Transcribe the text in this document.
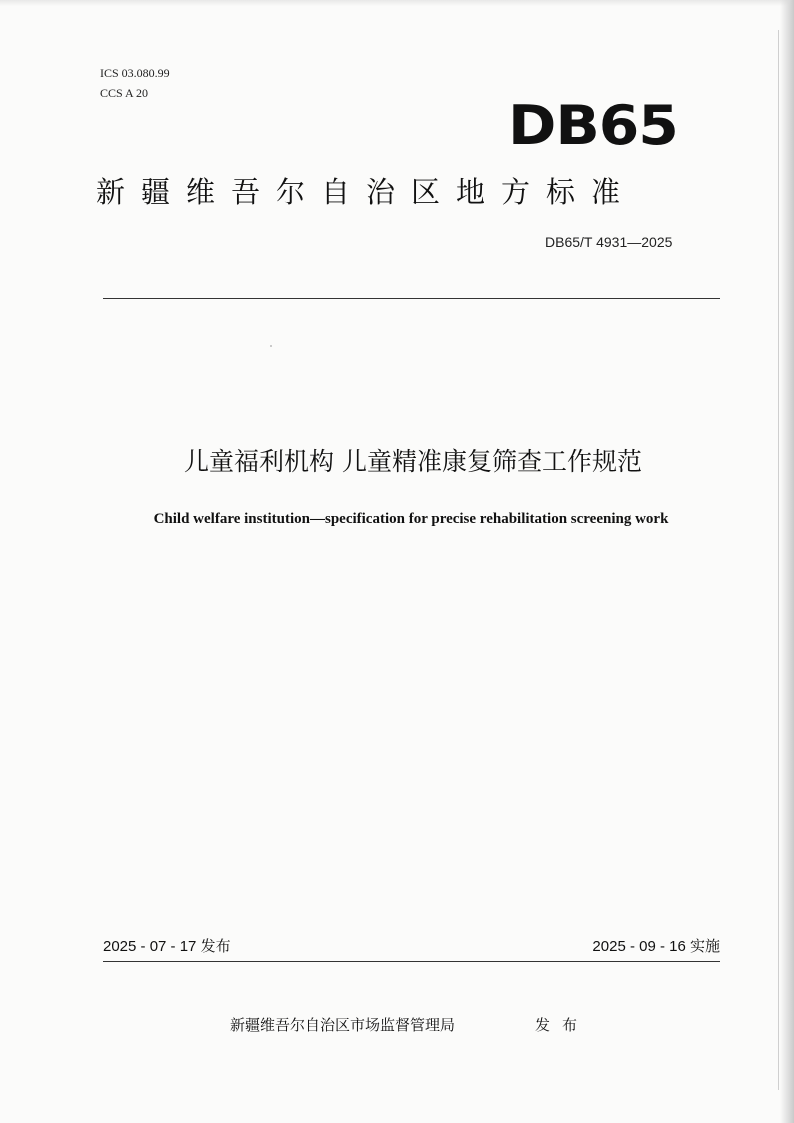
ICS 03.080.99
CCS A 20
DB65
新疆维吾尔自治区地方标准
DB65/T 4931—2025
儿童福利机构 儿童精准康复筛查工作规范
Child welfare institution—specification for precise rehabilitation screening work
2025 - 07 - 17 发布	2025 - 09 - 16 实施
新疆维吾尔自治区市场监督管理局	发布
